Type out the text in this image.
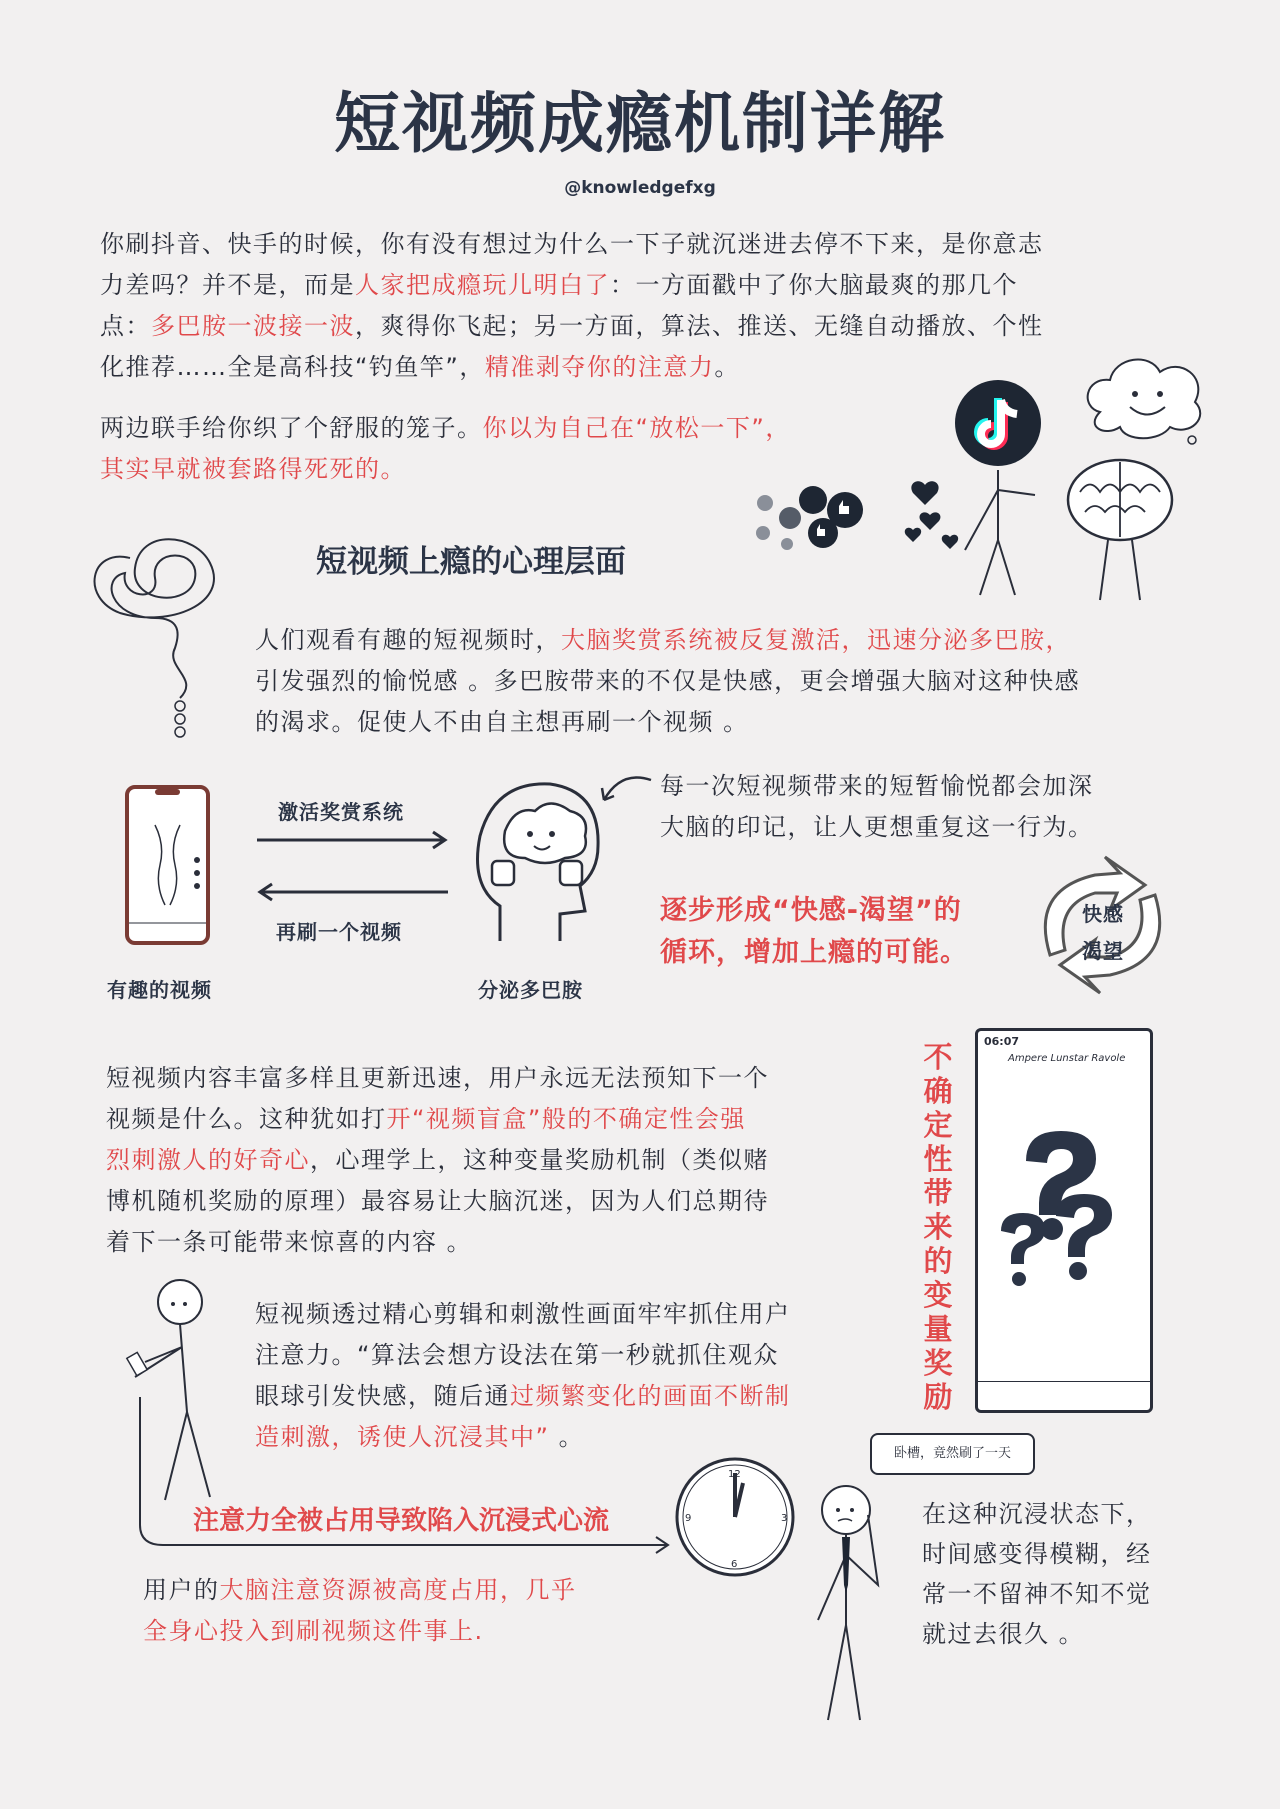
短视频成瘾机制详解
@knowledgefxg
你刷抖音、快手的时候，你有没有想过为什么一下子就沉迷进去停不下来，是你意志
力差吗？并不是，而是人家把成瘾玩儿明白了：一方面戳中了你大脑最爽的那几个
点：多巴胺一波接一波，爽得你飞起；另一方面，算法、推送、无缝自动播放、个性
化推荐……全是高科技“钓鱼竿”，精准剥夺你的注意力。
两边联手给你织了个舒服的笼子。你以为自己在“放松一下”，
其实早就被套路得死死的。
短视频上瘾的心理层面
人们观看有趣的短视频时，大脑奖赏系统被反复激活，迅速分泌多巴胺，
引发强烈的愉悦感 。多巴胺带来的不仅是快感，更会增强大脑对这种快感
的渴求。促使人不由自主想再刷一个视频 。
有趣的视频
激活奖赏系统
再刷一个视频
分泌多巴胺
每一次短视频带来的短暂愉悦都会加深
大脑的印记，让人更想重复这一行为。
逐步形成“快感-渴望”的
循环，增加上瘾的可能。
快感
渴望
短视频内容丰富多样且更新迅速，用户永远无法预知下一个
视频是什么。这种犹如打开“视频盲盒”般的不确定性会强
烈刺激人的好奇心，心理学上，这种变量奖励机制（类似赌
博机随机奖励的原理）最容易让大脑沉迷，因为人们总期待
着下一条可能带来惊喜的内容 。
不确定性带来的变量奖励
06:07
Ampere Lunstar Ravole
短视频透过精心剪辑和刺激性画面牢牢抓住用户
注意力。“算法会想方设法在第一秒就抓住观众
眼球引发快感，随后通过频繁变化的画面不断制
造刺激，诱使人沉浸其中” 。
注意力全被占用导致陷入沉浸式心流
用户的大脑注意资源被高度占用，几乎
全身心投入到刷视频这件事上.
12
3
6
9
卧槽，竟然刷了一天
在这种沉浸状态下，
时间感变得模糊，经
常一不留神不知不觉
就过去很久 。
